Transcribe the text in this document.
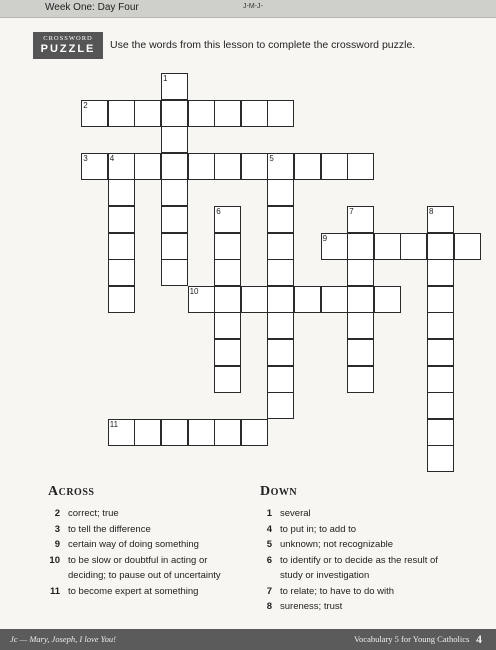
Week One: Day Four	J-M-J-
CROSSWORD
PUZZLE	Use the words from this lesson to complete the crossword puzzle.
1
2
3	4	5
6	7	8
9
10
11
Across
2 correct; true
3 to tell the difference
9 certain way of doing something
10 to be slow or doubtful in acting or
deciding; to pause out of uncertainty
11 to become expert at something
Down
1 several
4 to put in; to add to
5 unknown; not recognizable
6 to identify or to decide as the result of
study or investigation
7 to relate; to have to do with
8 sureness; trust
Jc — Mary, Joseph, I love You!	Vocabulary 5 for Young Catholics 4
